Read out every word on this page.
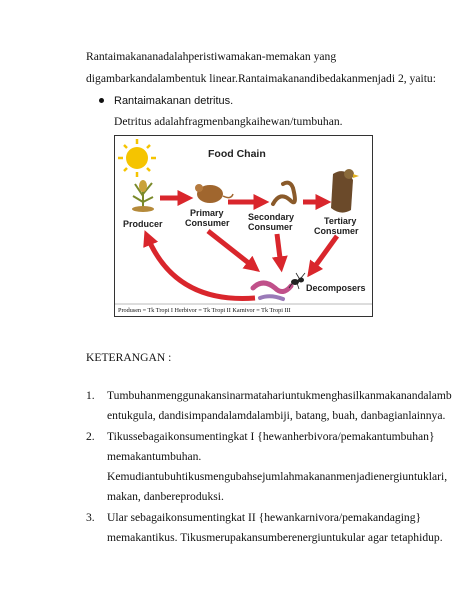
Rantaimakananadalahperistiwamakan-memakan yang
digambarkandalambentuk linear.Rantaimakanandibedakanmenjadi 2, yaitu:
Rantaimakanan detritus.
Detritus adalahfragmenbangkaihewan/tumbuhan.
Food Chain
Producer
Primary
Consumer
Secondary
Consumer
Tertiary
Consumer
Decomposers
Produsen = Tk Tropi I Herbivor = Tk Tropi II Karnivor = Tk Tropi III
KETERANGAN :
1. Tumbuhanmenggunakansinarmatahariuntukmenghasilkanmakanandalamb
entukgula, dandisimpandalamdalambiji, batang, buah, danbagianlainnya.
2. Tikussebagaikonsumentingkat I {hewanherbivora/pemakantumbuhan}
memakantumbuhan.
Kemudiantubuhtikusmengubahsejumlahmakananmenjadienergiuntuklari,
makan, danbereproduksi.
3. Ular sebagaikonsumentingkat II {hewankarnivora/pemakandaging}
memakantikus. Tikusmerupakansumberenergiuntukular agar tetaphidup.
